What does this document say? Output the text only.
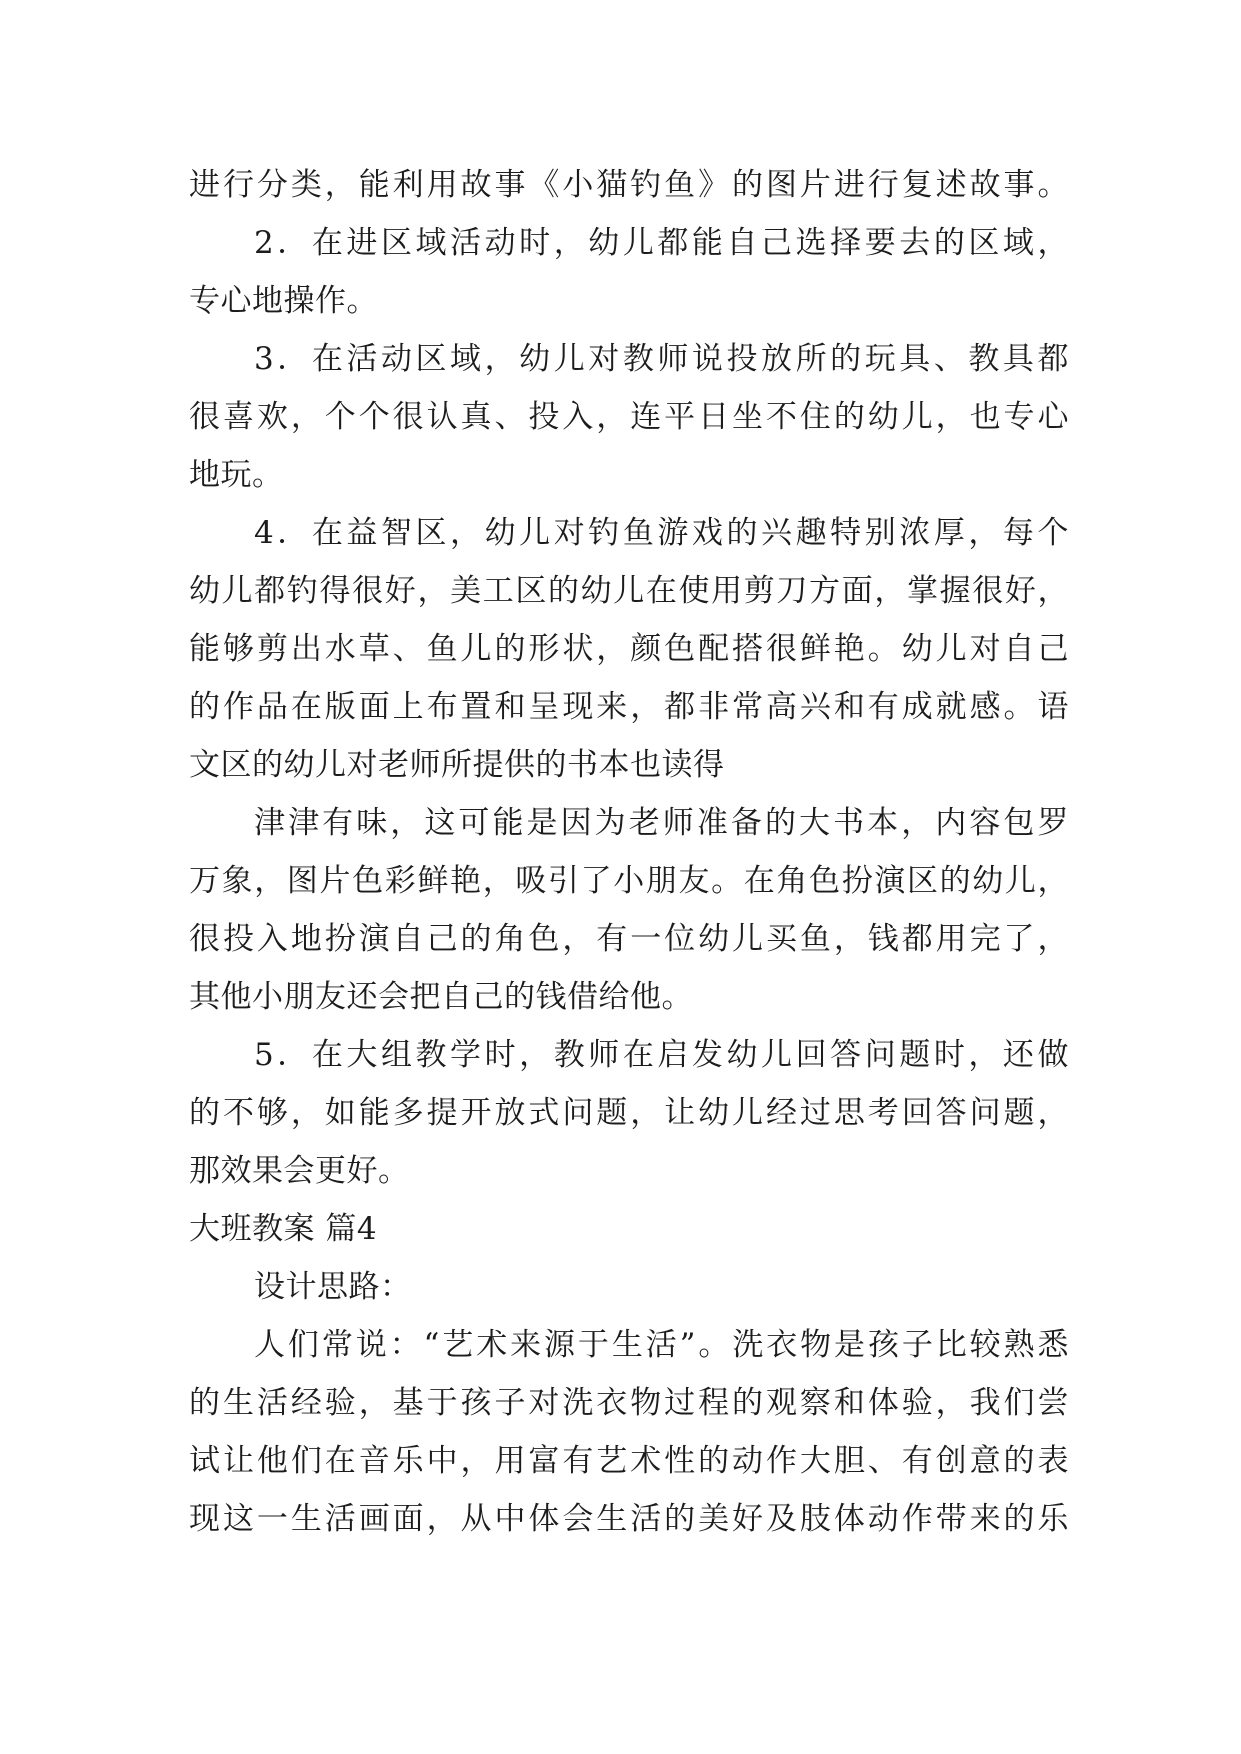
进行分类，能利用故事《小猫钓鱼》的图片进行复述故事。
2．在进区域活动时，幼儿都能自己选择要去的区域，
专心地操作。
3．在活动区域，幼儿对教师说投放所的玩具、教具都
很喜欢，个个很认真、投入，连平日坐不住的幼儿，也专心
地玩。
4．在益智区，幼儿对钓鱼游戏的兴趣特别浓厚，每个
幼儿都钓得很好，美工区的幼儿在使用剪刀方面，掌握很好，
能够剪出水草、鱼儿的形状，颜色配搭很鲜艳。幼儿对自己
的作品在版面上布置和呈现来，都非常高兴和有成就感。语
文区的幼儿对老师所提供的书本也读得
津津有味，这可能是因为老师准备的大书本，内容包罗
万象，图片色彩鲜艳，吸引了小朋友。在角色扮演区的幼儿，
很投入地扮演自己的角色，有一位幼儿买鱼，钱都用完了，
其他小朋友还会把自己的钱借给他。
5．在大组教学时，教师在启发幼儿回答问题时，还做
的不够，如能多提开放式问题，让幼儿经过思考回答问题，
那效果会更好。
大班教案 篇4
设计思路：
人们常说：“艺术来源于生活”。洗衣物是孩子比较熟悉
的生活经验，基于孩子对洗衣物过程的观察和体验，我们尝
试让他们在音乐中，用富有艺术性的动作大胆、有创意的表
现这一生活画面，从中体会生活的美好及肢体动作带来的乐
